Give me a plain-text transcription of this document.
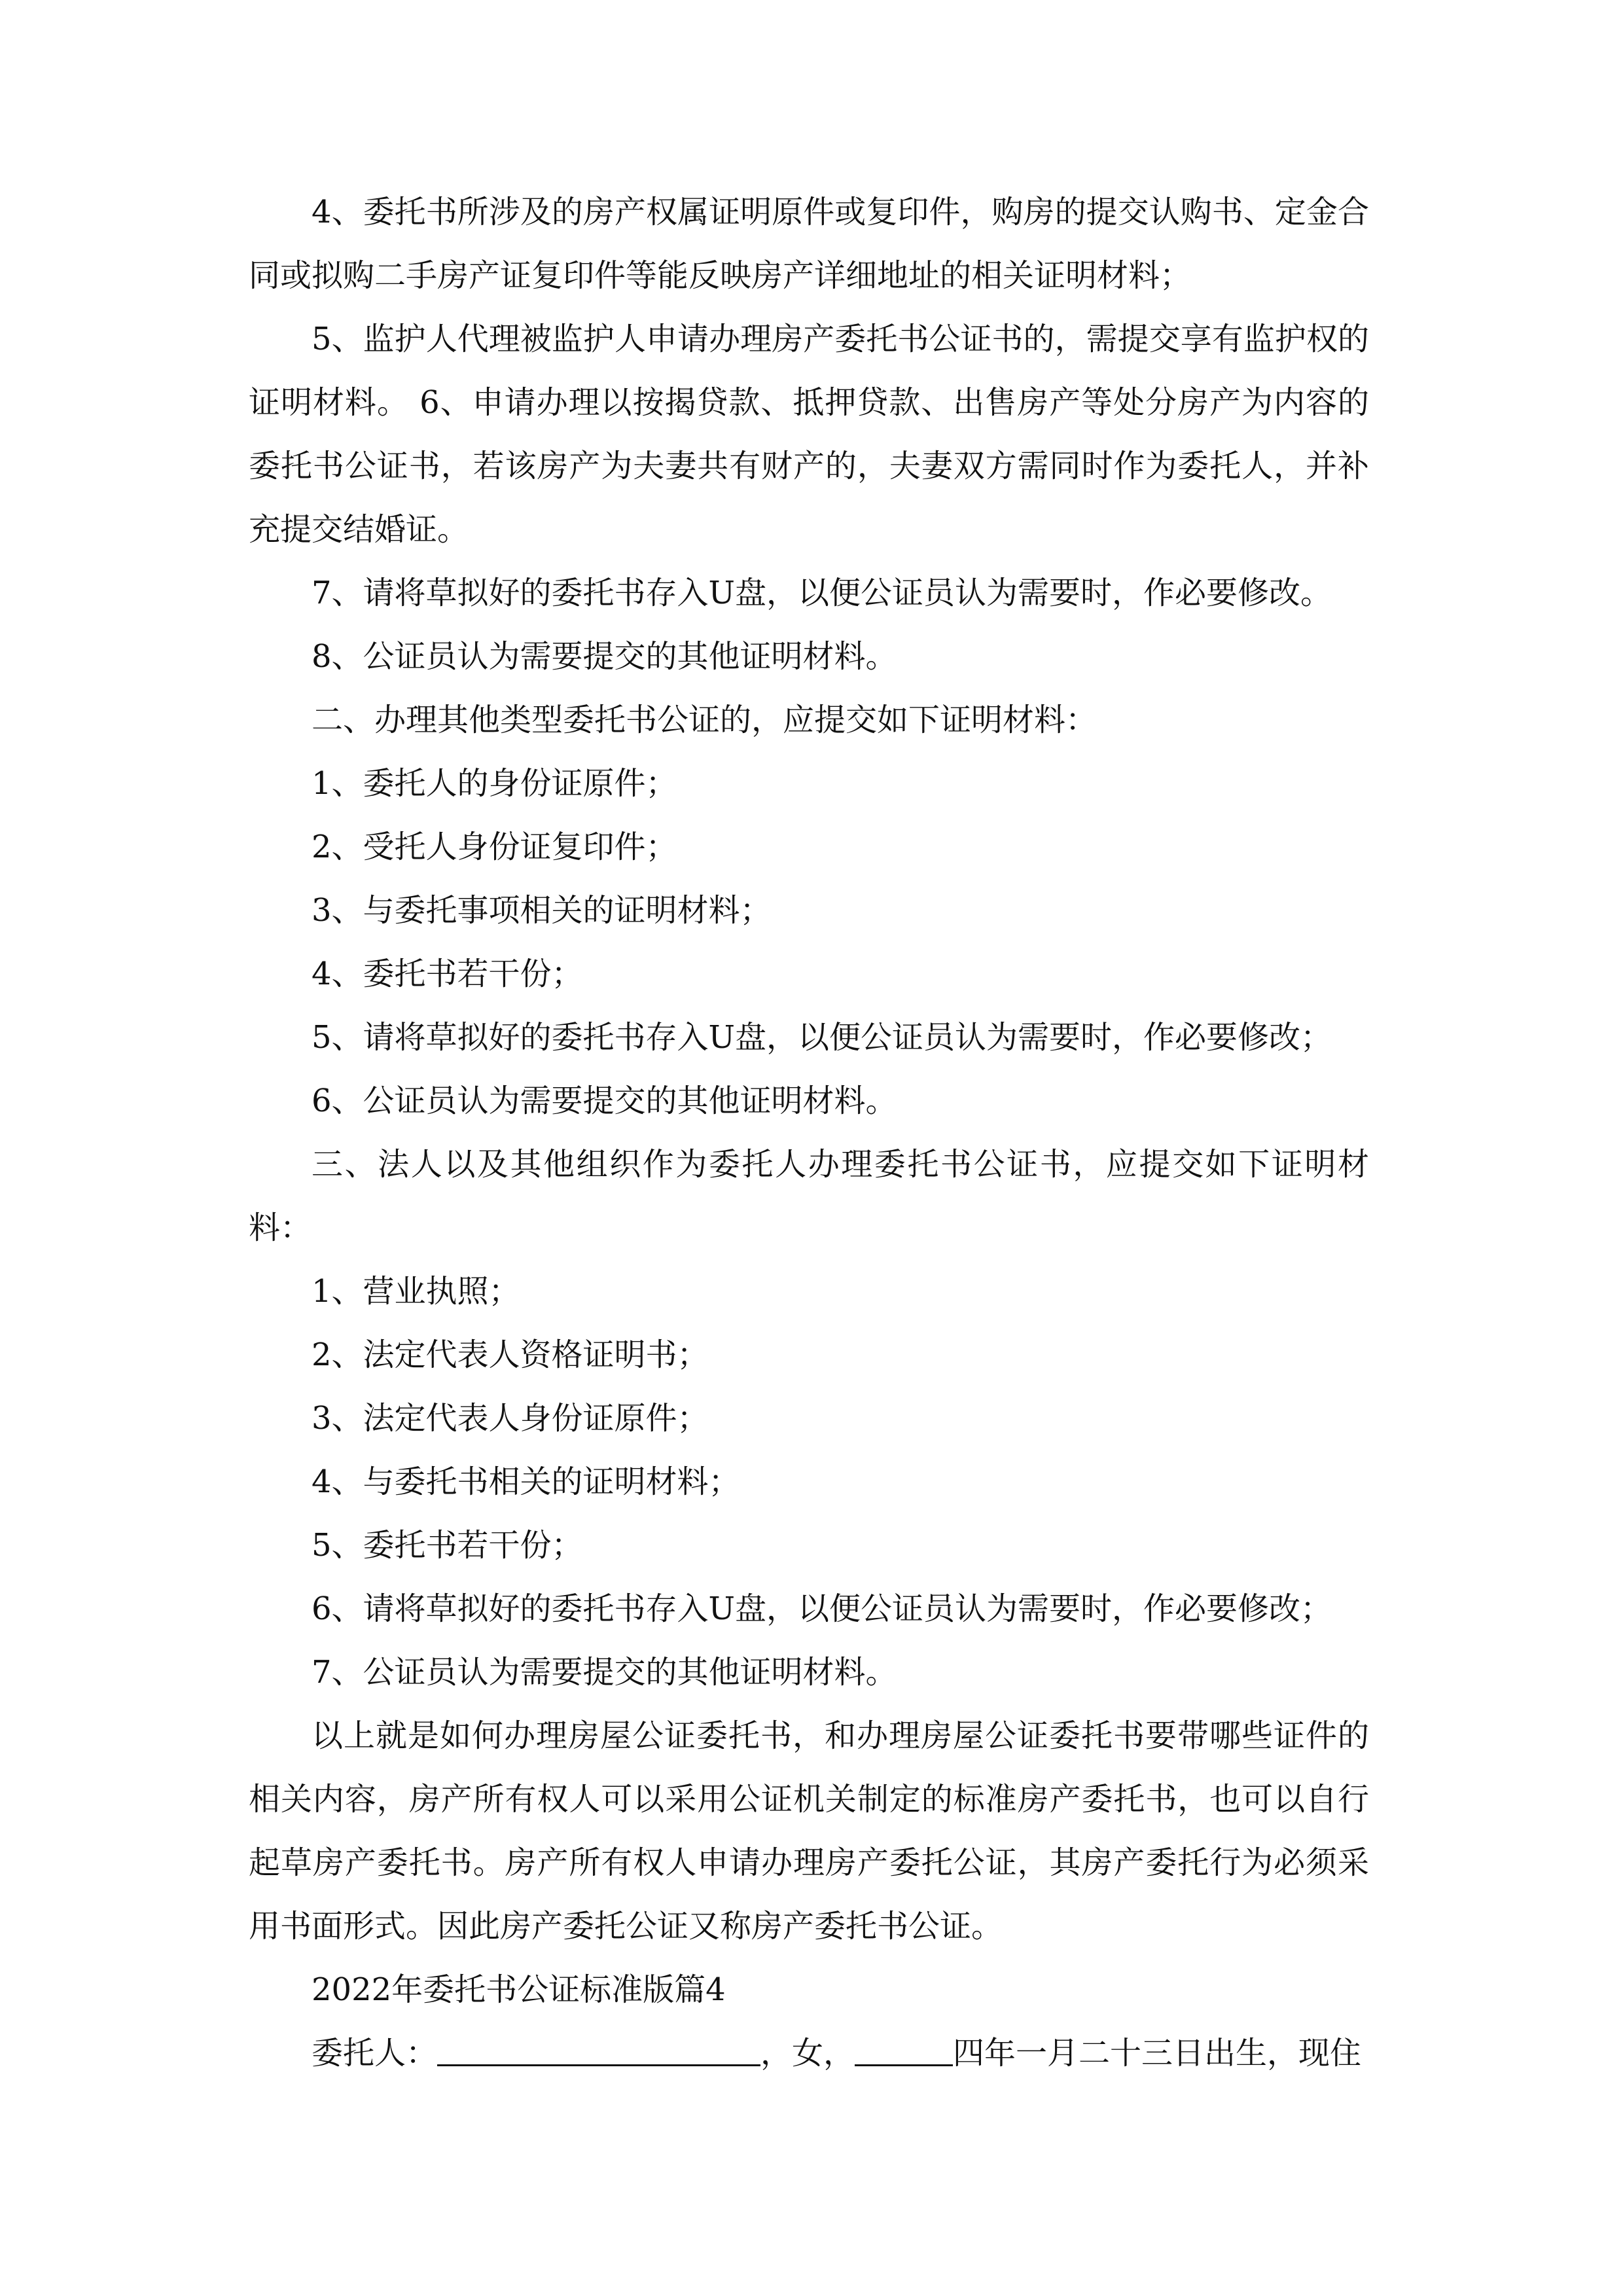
4、委托书所涉及的房产权属证明原件或复印件，购房的提交认购书、定金合同或拟购二手房产证复印件等能反映房产详细地址的相关证明材料；

5、监护人代理被监护人申请办理房产委托书公证书的，需提交享有监护权的证明材料。 6、申请办理以按揭贷款、抵押贷款、出售房产等处分房产为内容的委托书公证书，若该房产为夫妻共有财产的，夫妻双方需同时作为委托人，并补充提交结婚证。

7、请将草拟好的委托书存入U盘，以便公证员认为需要时，作必要修改。

8、公证员认为需要提交的其他证明材料。

二、办理其他类型委托书公证的，应提交如下证明材料：

1、委托人的身份证原件；

2、受托人身份证复印件；

3、与委托事项相关的证明材料；

4、委托书若干份；

5、请将草拟好的委托书存入U盘，以便公证员认为需要时，作必要修改；

6、公证员认为需要提交的其他证明材料。

三、法人以及其他组织作为委托人办理委托书公证书，应提交如下证明材料：

1、营业执照；

2、法定代表人资格证明书；

3、法定代表人身份证原件；

4、与委托书相关的证明材料；

5、委托书若干份；

6、请将草拟好的委托书存入U盘，以便公证员认为需要时，作必要修改；

7、公证员认为需要提交的其他证明材料。

以上就是如何办理房屋公证委托书，和办理房屋公证委托书要带哪些证件的相关内容，房产所有权人可以采用公证机关制定的标准房产委托书，也可以自行起草房产委托书。房产所有权人申请办理房产委托公证，其房产委托行为必须采用书面形式。因此房产委托公证又称房产委托书公证。

2022年委托书公证标准版篇4

委托人：	，女，	四年一月二十三日出生，现住
